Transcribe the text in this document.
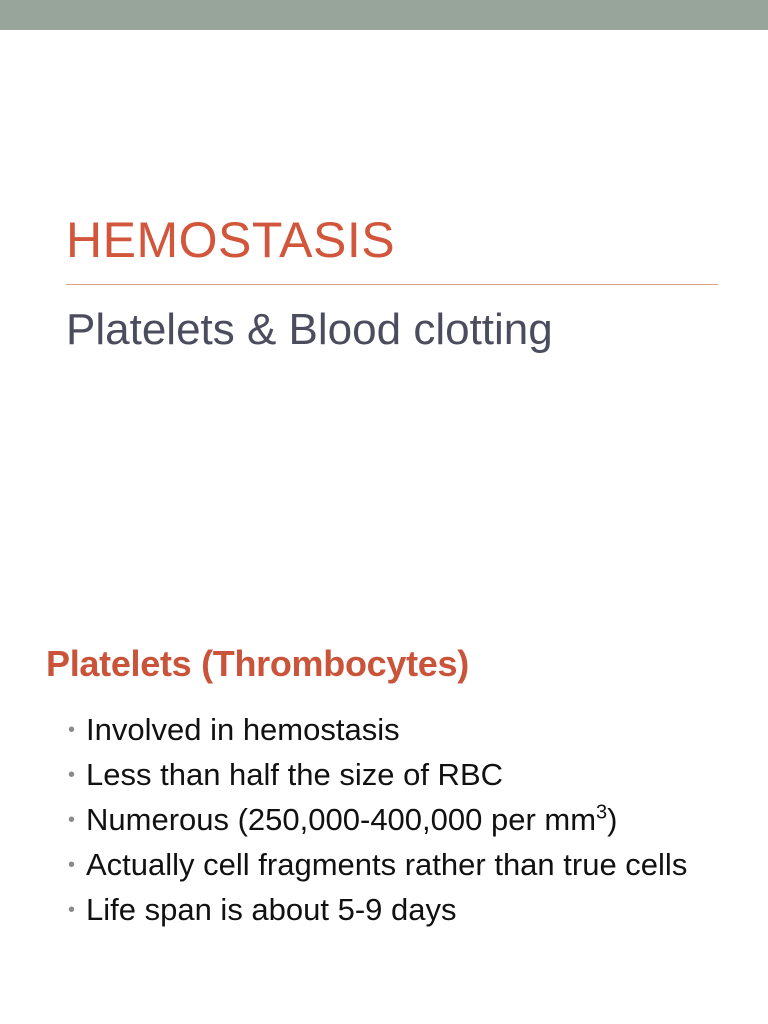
HEMOSTASIS
Platelets & Blood clotting
Platelets (Thrombocytes)
• Involved in hemostasis
• Less than half the size of RBC
• Numerous (250,000-400,000 per $mm^3$)
• Actually cell fragments rather than true cells
• Life span is about 5-9 days
